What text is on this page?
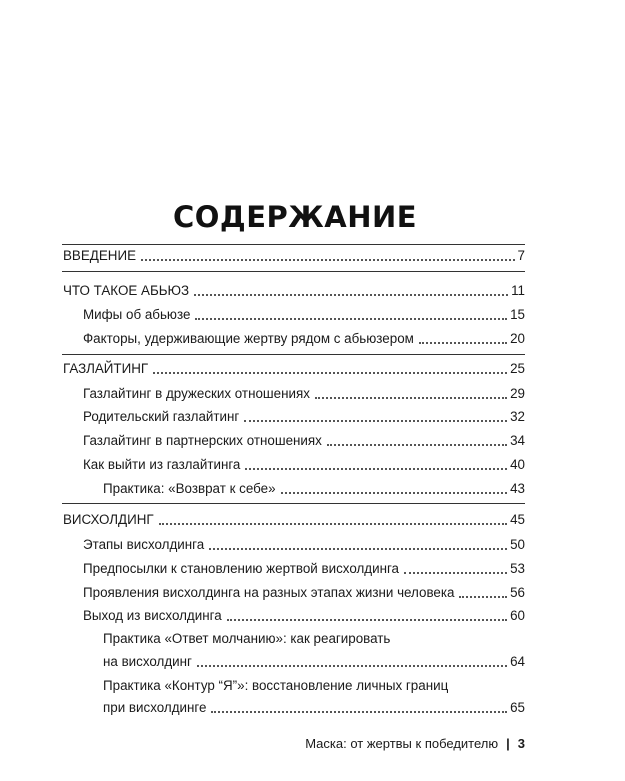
СОДЕРЖАНИЕ
ВВЕДЕНИЕ	7
ЧТО ТАКОЕ АБЬЮЗ	11
Мифы об абьюзе	15
Факторы, удерживающие жертву рядом с абьюзером	20
ГАЗЛАЙТИНГ	25
Газлайтинг в дружеских отношениях	29
Родительский газлайтинг	32
Газлайтинг в партнерских отношениях	34
Как выйти из газлайтинга	40
Практика: «Возврат к себе»	43
ВИСХОЛДИНГ	45
Этапы висхолдинга	50
Предпосылки к становлению жертвой висхолдинга	53
Проявления висхолдинга на разных этапах жизни человека	56
Выход из висхолдинга	60
Практика «Ответ молчанию»: как реагировать
на висхолдинг	64
Практика «Контур “Я”»: восстановление личных границ
при висхолдинге	65
Маска: от жертвы к победителю | 3
